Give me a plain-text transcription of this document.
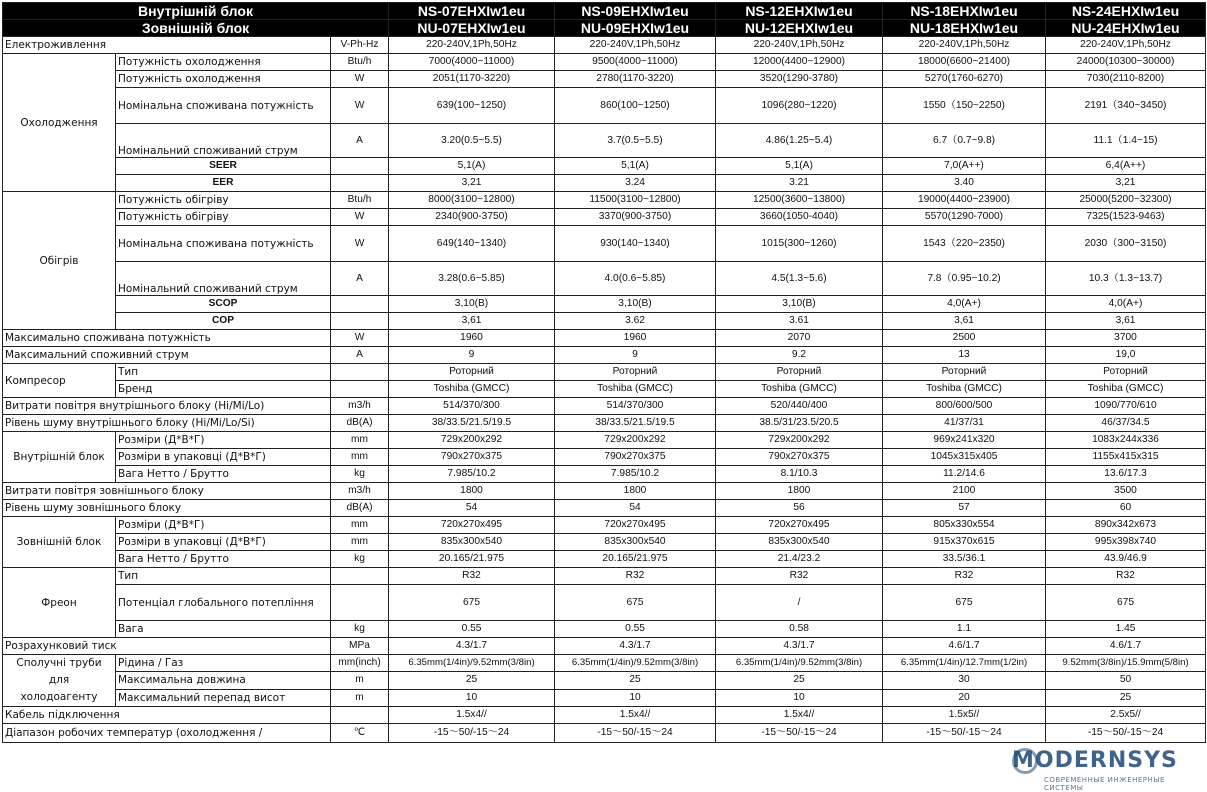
Внутрішній блок			NS-07EHXIw1eu	NS-09EHXIw1eu	NS-12EHXIw1eu	NS-18EHXIw1eu	NS-24EHXIw1eu
Зовнішній блок			NU-07EHXIw1eu	NU-09EHXIw1eu	NU-12EHXIw1eu	NU-18EHXIw1eu	NU-24EHXIw1eu
Електроживлення		V-Ph-Hz	220-240V,1Ph,50Hz	220-240V,1Ph,50Hz	220-240V,1Ph,50Hz	220-240V,1Ph,50Hz	220-240V,1Ph,50Hz
Охолодження	Потужність охолодження	Btu/h	7000(4000~11000)	9500(4000~11000)	12000(4400~12900)	18000(6600~21400)	24000(10300~30000)
	Потужність охолодження	W	2051(1170-3220)	2780(1170-3220)	3520(1290-3780)	5270(1760-6270)	7030(2110-8200)
	Номінальна споживана потужність	W	639(100~1250)	860(100~1250)	1096(280~1220)	1550（150~2250)	2191（340~3450)
	Номінальний споживаний струм	A	3.20(0.5~5.5)	3.7(0.5~5.5)	4.86(1.25~5.4)	6.7（0.7~9.8)	11.1（1.4~15)
	SEER		5,1(A)	5,1(A)	5,1(A)	7,0(A++)	6,4(A++)
	EER		3,21	3.24	3.21	3.40	3,21
Обігрів	Потужність обігріву	Btu/h	8000(3100~12800)	11500(3100~12800)	12500(3600~13800)	19000(4400~23900)	25000(5200~32300)
	Потужність обігріву	W	2340(900-3750)	3370(900-3750)	3660(1050-4040)	5570(1290-7000)	7325(1523-9463)
	Номінальна споживана потужність	W	649(140~1340)	930(140~1340)	1015(300~1260)	1543（220~2350)	2030（300~3150)
	Номінальний споживаний струм	A	3.28(0.6~5.85)	4.0(0.6~5.85)	4.5(1.3~5.6)	7.8（0.95~10.2)	10.3（1.3~13.7)
	SCOP		3,10(B)	3,10(B)	3,10(B)	4,0(A+)	4,0(A+)
	COP		3,61	3.62	3.61	3,61	3,61
Максимально споживана потужність		W	1960	1960	2070	2500	3700
Максимальний споживний струм		A	9	9	9.2	13	19,0
Компресор	Тип		Роторний	Роторний	Роторний	Роторний	Роторний
	Бренд		Toshiba (GMCC)	Toshiba (GMCC)	Toshiba (GMCC)	Toshiba (GMCC)	Toshiba (GMCC)
Витрати повітря внутрішнього блоку (Hi/Mi/Lo)		m3/h	514/370/300	514/370/300	520/440/400	800/600/500	1090/770/610
Рівень шуму внутрішнього блоку (Hi/Mi/Lo/Si)		dB(A)	38/33.5/21.5/19.5	38/33.5/21.5/19.5	38.5/31/23.5/20.5	41/37/31	46/37/34.5
Внутрішній блок	Розміри (Д*В*Г)	mm	729x200x292	729x200x292	729x200x292	969x241x320	1083x244x336
	Розміри в упаковці (Д*В*Г)	mm	790x270x375	790x270x375	790x270x375	1045x315x405	1155x415x315
	Вага Нетто / Брутто	kg	7.985/10.2	7.985/10.2	8.1/10.3	11.2/14.6	13.6/17.3
Витрати повітря зовнішнього блоку		m3/h	1800	1800	1800	2100	3500
Рівень шуму зовнішнього блоку		dB(A)	54	54	56	57	60
Зовнішній блок	Розміри (Д*В*Г)	mm	720x270x495	720x270x495	720x270x495	805x330x554	890x342x673
	Розміри в упаковці (Д*В*Г)	mm	835x300x540	835x300x540	835x300x540	915x370x615	995x398x740
	Вага Нетто / Брутто	kg	20.165/21.975	20.165/21.975	21.4/23.2	33.5/36.1	43.9/46.9
Фреон	Тип		R32	R32	R32	R32	R32
	Потенціал глобального потепління		675	675	/	675	675
	Вага	kg	0.55	0.55	0.58	1.1	1.45
Розрахунковий тиск		MPa	4.3/1.7	4.3/1.7	4.3/1.7	4.6/1.7	4.6/1.7

Сполучні труби
для
холодоагенту	Рідина / Газ	mm(inch)	6.35mm(1/4in)/9.52mm(3/8in)	6.35mm(1/4in)/9.52mm(3/8in)	6.35mm(1/4in)/9.52mm(3/8in)	6.35mm(1/4in)/12.7mm(1/2in)	9.52mm(3/8in)/15.9mm(5/8in)
	Максимальна довжина	m	25	25	25	30	50
	Максимальний перепад висот	m	10	10	10	20	25
Кабель підключення			1.5x4//	1.5x4//	1.5x4//	1.5x5//	2.5x5//
Діапазон робочих температур (охолодження /		℃	-15～50/-15～24	-15～50/-15～24	-15～50/-15～24	-15～50/-15～24	-15～50/-15～24
MODERNSYS
СОВРЕМЕННЫЕ ИНЖЕНЕРНЫЕ СИСТЕМЫ
